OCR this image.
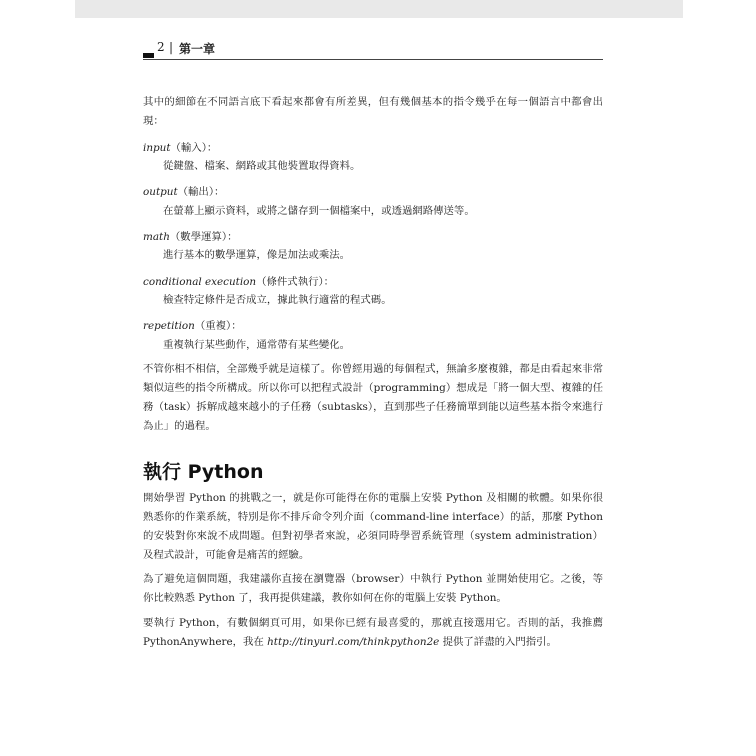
2 | 第一章

其中的細節在不同語言底下看起來都會有所差異，但有幾個基本的指令幾乎在每一個語言中都會出現：

input（輸入）：
從鍵盤、檔案、網路或其他裝置取得資料。
output（輸出）：
在螢幕上顯示資料，或將之儲存到一個檔案中，或透過網路傳送等。
math（數學運算）：
進行基本的數學運算，像是加法或乘法。
conditional execution（條件式執行）：
檢查特定條件是否成立，據此執行適當的程式碼。
repetition（重複）：
重複執行某些動作，通常帶有某些變化。

不管你相不相信，全部幾乎就是這樣了。你曾經用過的每個程式，無論多麼複雜，都是由看起來非常類似這些的指令所構成。所以你可以把程式設計（programming）想成是「將一個大型、複雜的任務（task）拆解成越來越小的子任務（subtasks），直到那些子任務簡單到能以這些基本指令來進行為止」的過程。

執行 Python

開始學習 Python 的挑戰之一，就是你可能得在你的電腦上安裝 Python 及相關的軟體。如果你很熟悉你的作業系統，特別是你不排斥命令列介面（command-line interface）的話，那麼 Python 的安裝對你來說不成問題。但對初學者來說，必須同時學習系統管理（system administration）及程式設計，可能會是痛苦的經驗。

為了避免這個問題，我建議你直接在瀏覽器（browser）中執行 Python 並開始使用它。之後，等你比較熟悉 Python 了，我再提供建議，教你如何在你的電腦上安裝 Python。

要執行 Python，有數個網頁可用，如果你已經有最喜愛的，那就直接選用它。否則的話，我推薦 PythonAnywhere，我在 http://tinyurl.com/thinkpython2e 提供了詳盡的入門指引。
